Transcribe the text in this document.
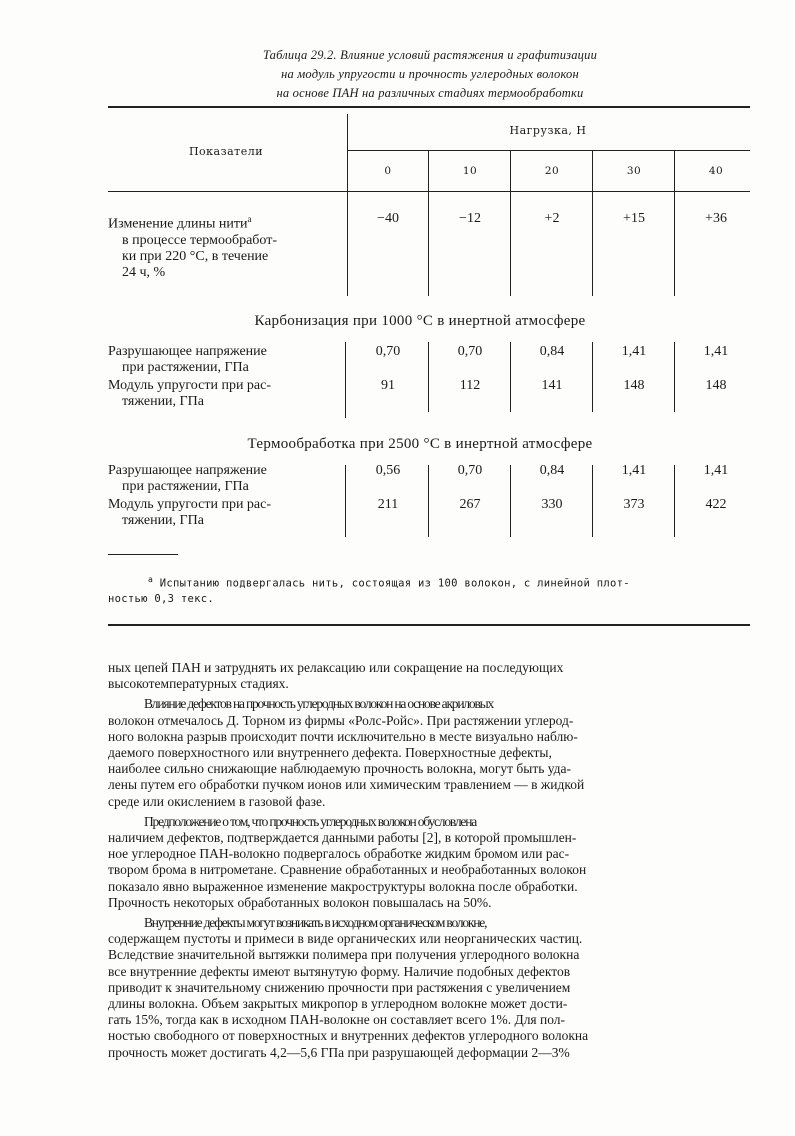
Таблица 29.2. Влияние условий растяжения и графитизации
на модуль упругости и прочность углеродных волокон
на основе ПАН на различных стадиях термообработки
Показатели
Нагрузка, Н
0	10	20	30	40
Изменение длины нити$^a$
в процессе термообработ-
ки при 220 °С, в течение
24 ч, %
−40	−12	+2	+15	+36
Карбонизация при 1000 °С в инертной атмосфере
Разрушающее напряжение
при растяжении, ГПа
0,70	0,70	0,84	1,41	1,41
Модуль упругости при рас-
тяжении, ГПа
91	112	141	148	148
Термообработка при 2500 °С в инертной атмосфере
Разрушающее напряжение
при растяжении, ГПа
0,56	0,70	0,84	1,41	1,41
Модуль упругости при рас-
тяжении, ГПа
211	267	330	373	422
$^a$ Испытанию подвергалась нить, состоящая из 100 волокон, с линейной плот-
ностью 0,3 текс.
ных цепей ПАН и затруднять их релаксацию или сокращение на последующих
высокотемпературных стадиях.
Влияние дефектов на прочность углеродных волокон на основе акриловых
волокон отмечалось Д. Торном из фирмы «Ролс-Ройс». При растяжении углерод-
ного волокна разрыв происходит почти исключительно в месте визуально наблю-
даемого поверхностного или внутреннего дефекта. Поверхностные дефекты,
наиболее сильно снижающие наблюдаемую прочность волокна, могут быть уда-
лены путем его обработки пучком ионов или химическим травлением — в жидкой
среде или окислением в газовой фазе.
Предположение о том, что прочность углеродных волокон обусловлена
наличием дефектов, подтверждается данными работы [2], в которой промышлен-
ное углеродное ПАН-волокно подвергалось обработке жидким бромом или рас-
твором брома в нитрометане. Сравнение обработанных и необработанных волокон
показало явно выраженное изменение макроструктуры волокна после обработки.
Прочность некоторых обработанных волокон повышалась на 50%.
Внутренние дефекты могут возникать в исходном органическом волокне,
содержащем пустоты и примеси в виде органических или неорганических частиц.
Вследствие значительной вытяжки полимера при получения углеродного волокна
все внутренние дефекты имеют вытянутую форму. Наличие подобных дефектов
приводит к значительному снижению прочности при растяжения с увеличением
длины волокна. Объем закрытых микропор в углеродном волокне может дости-
гать 15%, тогда как в исходном ПАН-волокне он составляет всего 1%. Для пол-
ностью свободного от поверхностных и внутренних дефектов углеродного волокна
прочность может достигать 4,2—5,6 ГПа при разрушающей деформации 2—3%
